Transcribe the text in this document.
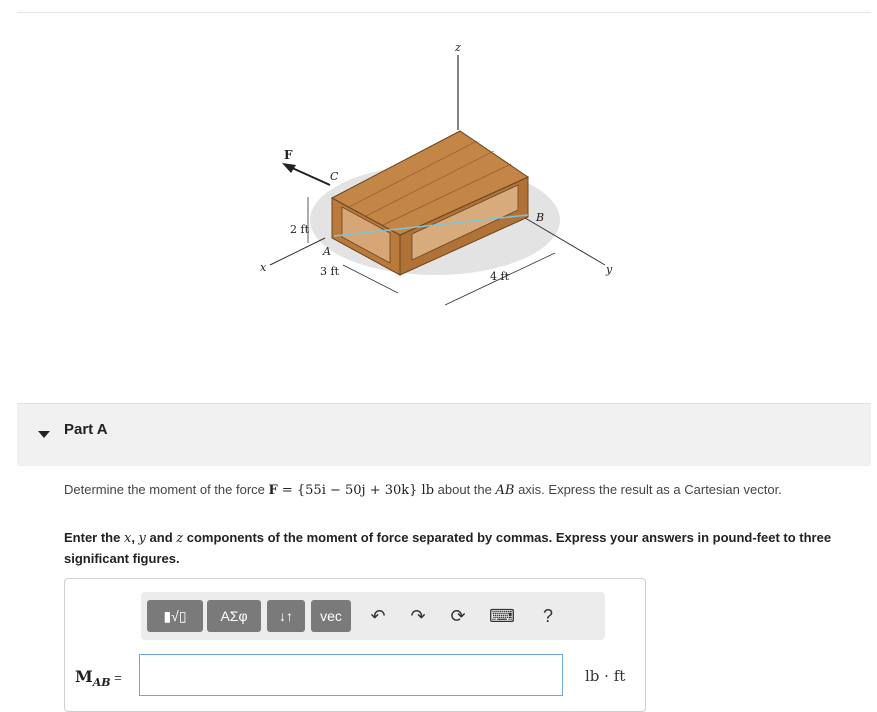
z
y
x
F
C
A
B
2 ft
3 ft	4 ft
Part A
Determine the moment of the force F = {55i − 50j + 30k} lb about the AB axis. Express the result as a Cartesian vector.
Enter the x, y and z components of the moment of force separated by commas. Express your answers in pound-feet to three significant figures.
▮√▯	ΑΣφ	↓↑	vec	↶	↷	⟳	⌨	?
$M_{AB}$ =	lb · ft
